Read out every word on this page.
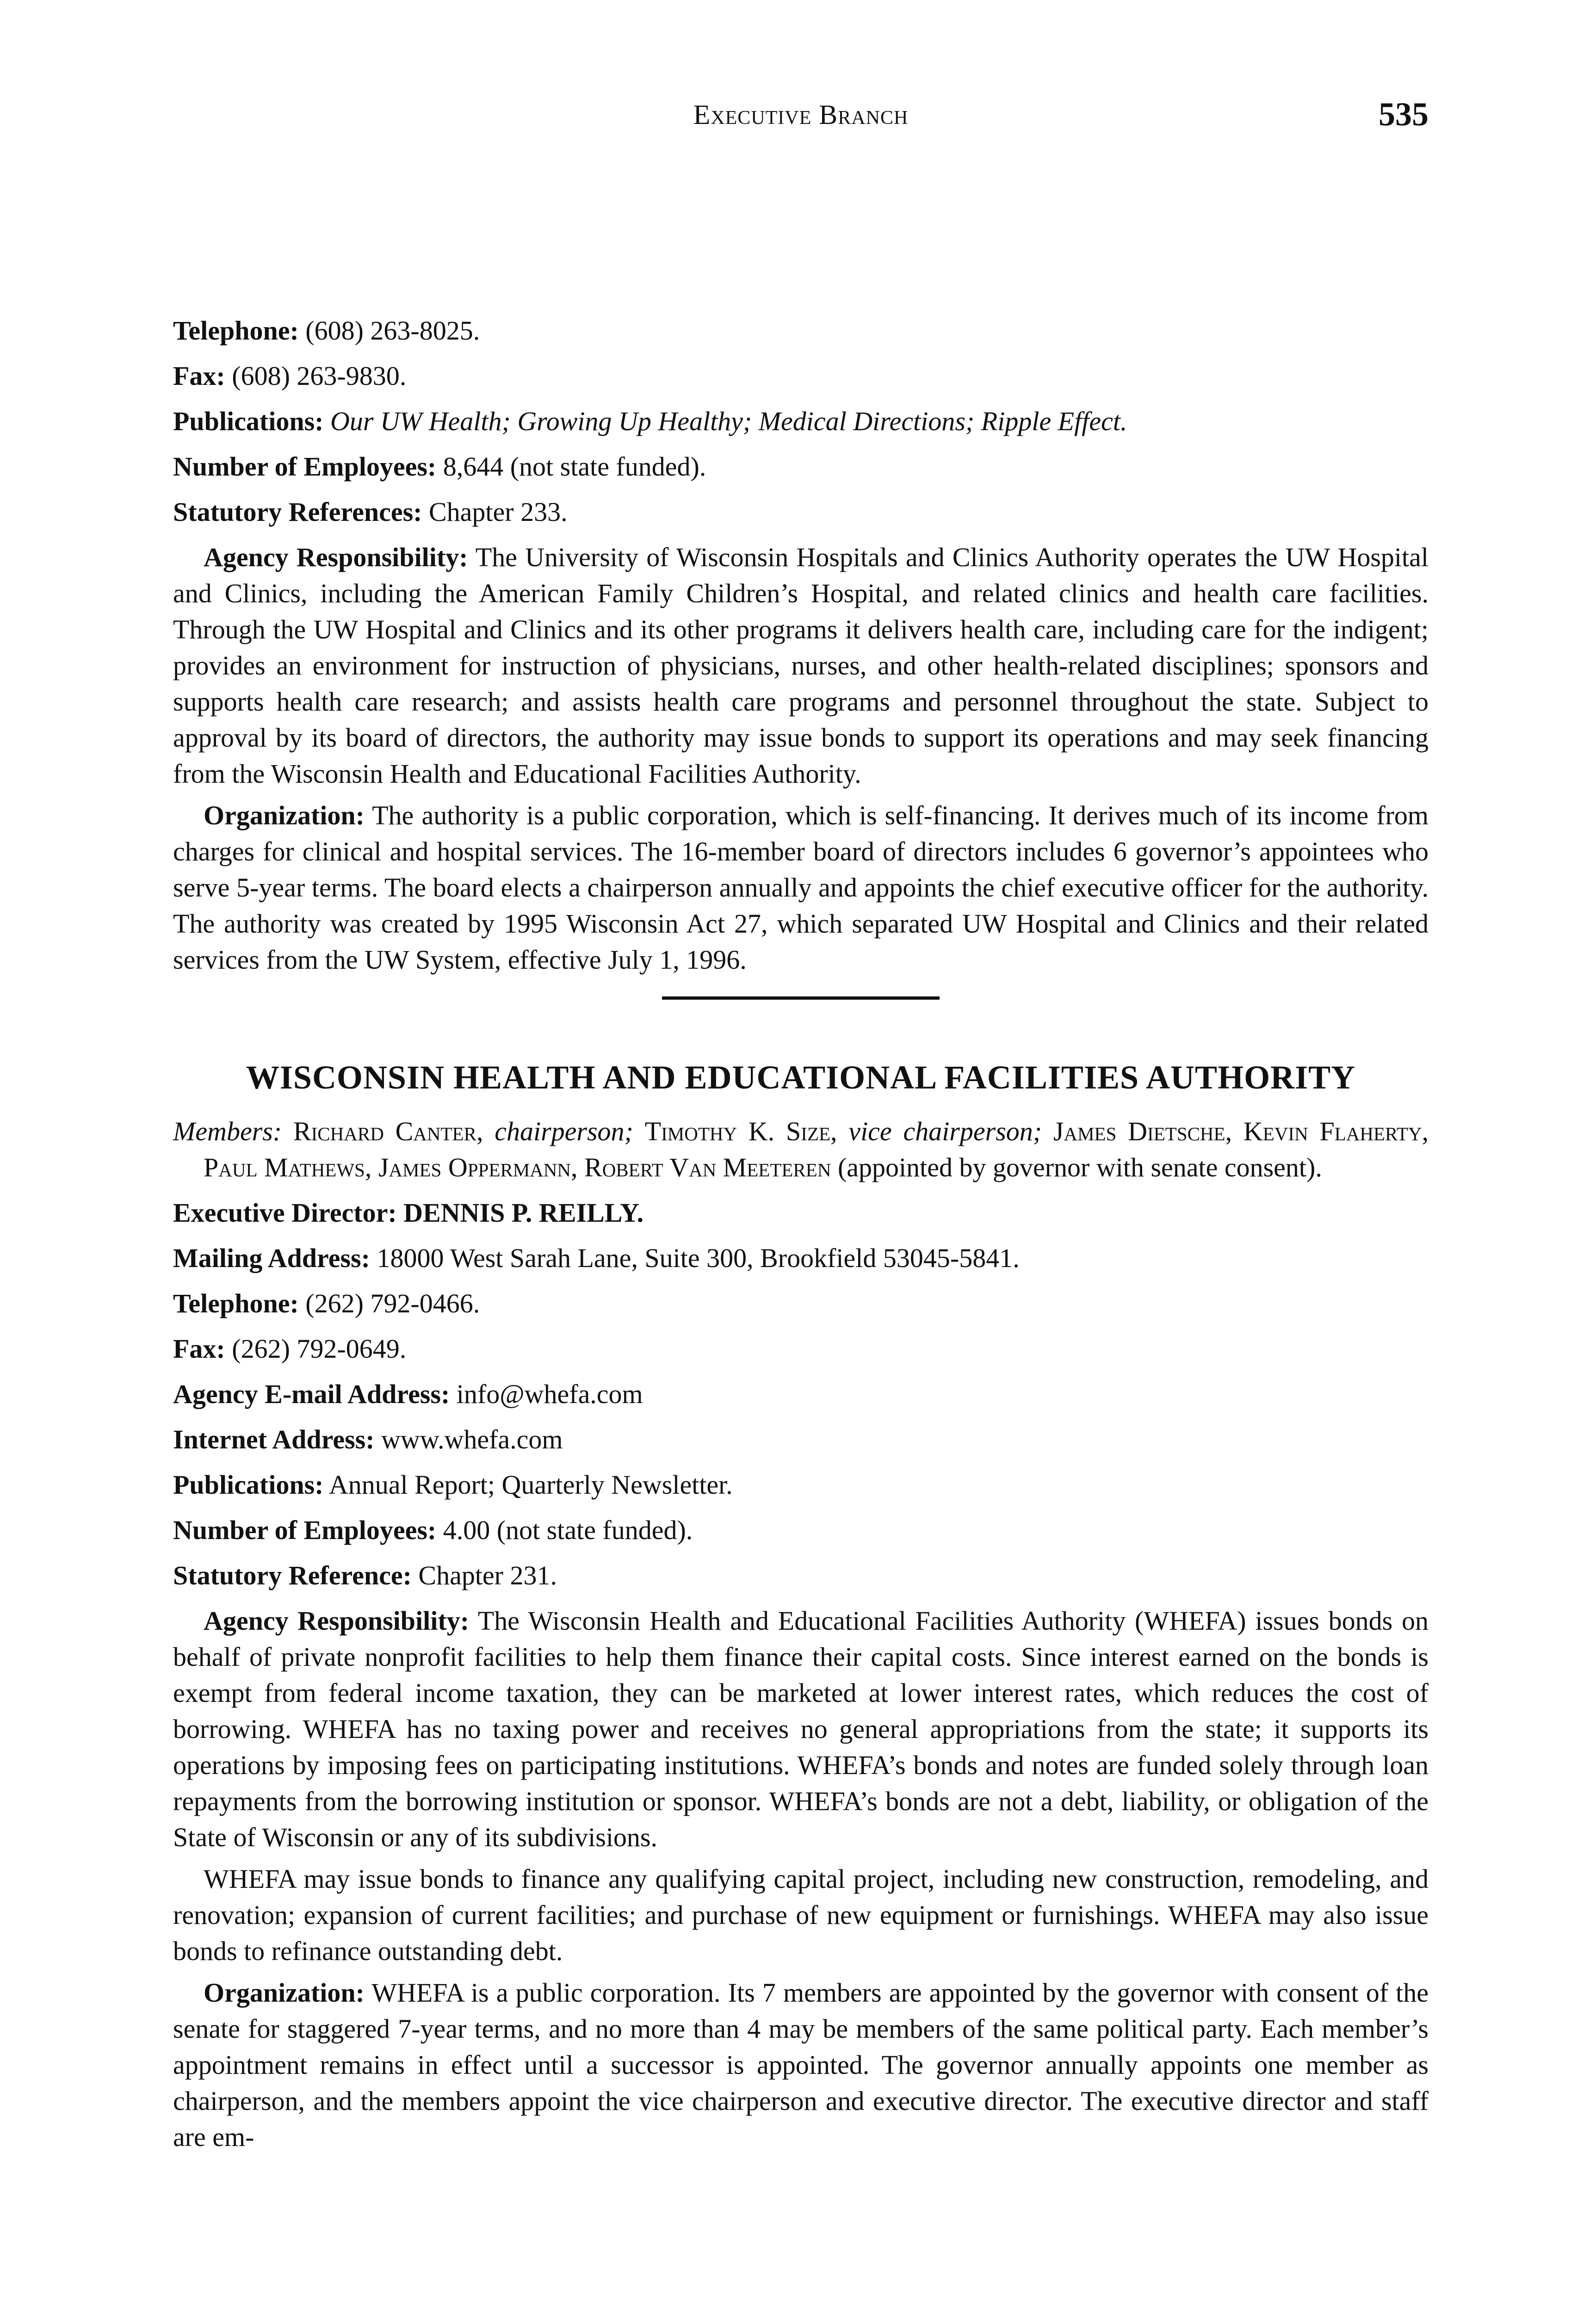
Executive Branch	535

Telephone: (608) 263-8025.

Fax: (608) 263-9830.

Publications: Our UW Health; Growing Up Healthy; Medical Directions; Ripple Effect.

Number of Employees: 8,644 (not state funded).

Statutory References: Chapter 233.

Agency Responsibility: The University of Wisconsin Hospitals and Clinics Authority operates the UW Hospital and Clinics, including the American Family Children’s Hospital, and related clinics and health care facilities. Through the UW Hospital and Clinics and its other programs it delivers health care, including care for the indigent; provides an environment for instruction of physicians, nurses, and other health-related disciplines; sponsors and supports health care research; and assists health care programs and personnel throughout the state. Subject to approval by its board of directors, the authority may issue bonds to support its operations and may seek financing from the Wisconsin Health and Educational Facilities Authority.

Organization: The authority is a public corporation, which is self-financing. It derives much of its income from charges for clinical and hospital services. The 16-member board of directors includes 6 governor’s appointees who serve 5-year terms. The board elects a chairperson annually and appoints the chief executive officer for the authority. The authority was created by 1995 Wisconsin Act 27, which separated UW Hospital and Clinics and their related services from the UW System, effective July 1, 1996.

WISCONSIN HEALTH AND EDUCATIONAL FACILITIES AUTHORITY

Members: Richard Canter, chairperson; Timothy K. Size, vice chairperson; James Dietsche, Kevin Flaherty, Paul Mathews, James Oppermann, Robert Van Meeteren (appointed by governor with senate consent).

Executive Director: DENNIS P. REILLY.

Mailing Address: 18000 West Sarah Lane, Suite 300, Brookfield 53045-5841.

Telephone: (262) 792-0466.

Fax: (262) 792-0649.

Agency E-mail Address: info@whefa.com

Internet Address: www.whefa.com

Publications: Annual Report; Quarterly Newsletter.

Number of Employees: 4.00 (not state funded).

Statutory Reference: Chapter 231.

Agency Responsibility: The Wisconsin Health and Educational Facilities Authority (WHEFA) issues bonds on behalf of private nonprofit facilities to help them finance their capital costs. Since interest earned on the bonds is exempt from federal income taxation, they can be marketed at lower interest rates, which reduces the cost of borrowing. WHEFA has no taxing power and receives no general appropriations from the state; it supports its operations by imposing fees on participating institutions. WHEFA’s bonds and notes are funded solely through loan repayments from the borrowing institution or sponsor. WHEFA’s bonds are not a debt, liability, or obligation of the State of Wisconsin or any of its subdivisions.

WHEFA may issue bonds to finance any qualifying capital project, including new construction, remodeling, and renovation; expansion of current facilities; and purchase of new equipment or furnishings. WHEFA may also issue bonds to refinance outstanding debt.

Organization: WHEFA is a public corporation. Its 7 members are appointed by the governor with consent of the senate for staggered 7-year terms, and no more than 4 may be members of the same political party. Each member’s appointment remains in effect until a successor is appointed. The governor annually appoints one member as chairperson, and the members appoint the vice chairperson and executive director. The executive director and staff are em-
